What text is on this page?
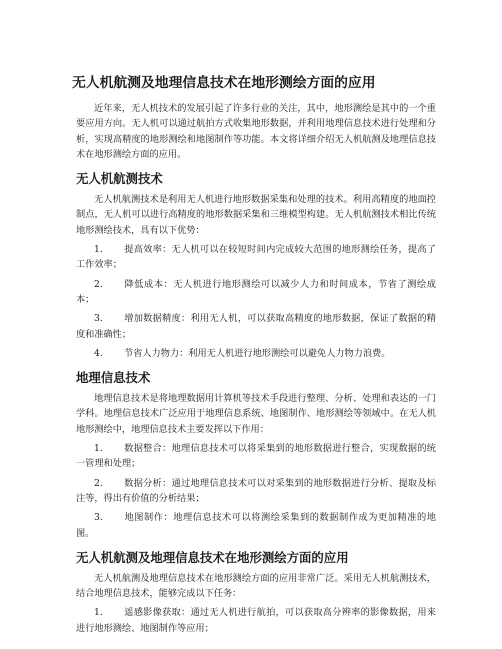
无人机航测及地理信息技术在地形测绘方面的应用
近年来，无人机技术的发展引起了许多行业的关注，其中，地形测绘是其中的一个重要应用方向。无人机可以通过航拍方式收集地形数据，并利用地理信息技术进行处理和分析，实现高精度的地形测绘和地图制作等功能。本文将详细介绍无人机航测及地理信息技术在地形测绘方面的应用。
无人机航测技术
无人机航测技术是利用无人机进行地形数据采集和处理的技术。利用高精度的地面控制点，无人机可以进行高精度的地形数据采集和三维模型构建。无人机航测技术相比传统地形测绘技术，具有以下优势：
1. 提高效率：无人机可以在较短时间内完成较大范围的地形测绘任务，提高了工作效率；
2. 降低成本：无人机进行地形测绘可以减少人力和时间成本，节省了测绘成本；
3. 增加数据精度：利用无人机，可以获取高精度的地形数据，保证了数据的精度和准确性；
4. 节省人力物力：利用无人机进行地形测绘可以避免人力物力浪费。
地理信息技术
地理信息技术是将地理数据用计算机等技术手段进行整理、分析、处理和表达的一门学科。地理信息技术广泛应用于地理信息系统、地图制作、地形测绘等领域中。在无人机地形测绘中，地理信息技术主要发挥以下作用：
1. 数据整合：地理信息技术可以将采集到的地形数据进行整合，实现数据的统一管理和处理；
2. 数据分析：通过地理信息技术可以对采集到的地形数据进行分析、提取及标注等，得出有价值的分析结果；
3. 地图制作：地理信息技术可以将测绘采集到的数据制作成为更加精准的地图。
无人机航测及地理信息技术在地形测绘方面的应用
无人机航测及地理信息技术在地形测绘方面的应用非常广泛。采用无人机航测技术，结合地理信息技术，能够完成以下任务：
1. 遥感影像获取：通过无人机进行航拍，可以获取高分辨率的影像数据，用来进行地形测绘、地图制作等应用；
